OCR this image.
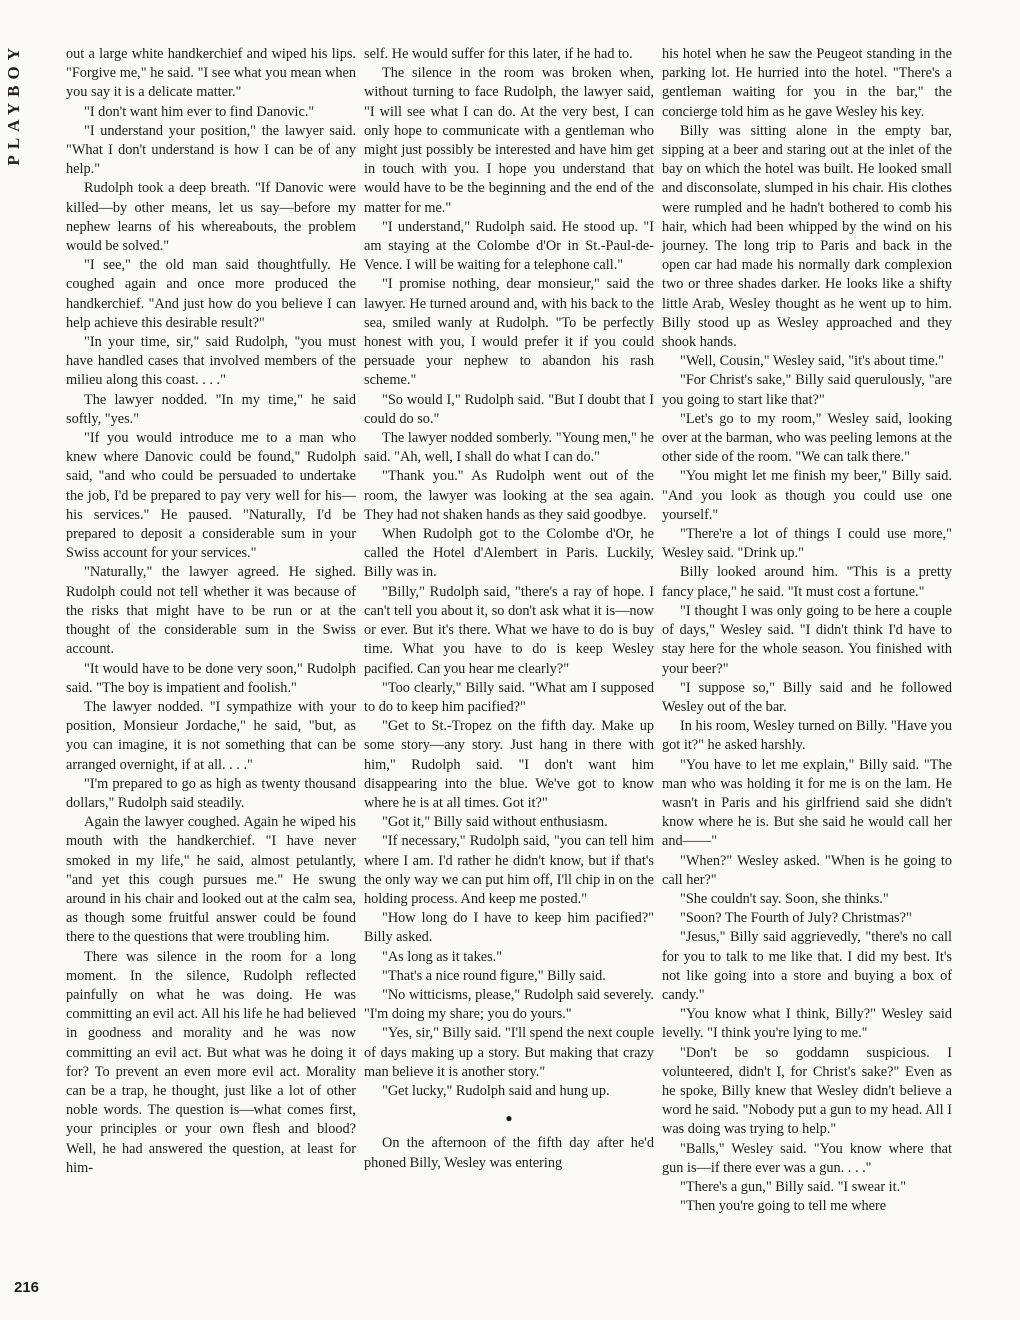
PLAYBOY	out a large white handkerchief and wiped his lips. "Forgive me," he said. "I see what you mean when you say it is a delicate matter."

"I don't want him ever to find Danovic."

"I understand your position," the lawyer said. "What I don't understand is how I can be of any help."

Rudolph took a deep breath. "If Danovic were killed—by other means, let us say—before my nephew learns of his whereabouts, the problem would be solved."

"I see," the old man said thoughtfully. He coughed again and once more produced the handkerchief. "And just how do you believe I can help achieve this desirable result?"

"In your time, sir," said Rudolph, "you must have handled cases that involved members of the milieu along this coast. . . ."

The lawyer nodded. "In my time," he said softly, "yes."

"If you would introduce me to a man who knew where Danovic could be found," Rudolph said, "and who could be persuaded to undertake the job, I'd be prepared to pay very well for his—his services." He paused. "Naturally, I'd be prepared to deposit a considerable sum in your Swiss account for your services."

"Naturally," the lawyer agreed. He sighed. Rudolph could not tell whether it was because of the risks that might have to be run or at the thought of the considerable sum in the Swiss account.

"It would have to be done very soon," Rudolph said. "The boy is impatient and foolish."

The lawyer nodded. "I sympathize with your position, Monsieur Jordache," he said, "but, as you can imagine, it is not something that can be arranged overnight, if at all. . . ."

"I'm prepared to go as high as twenty thousand dollars," Rudolph said steadily.

Again the lawyer coughed. Again he wiped his mouth with the handkerchief. "I have never smoked in my life," he said, almost petulantly, "and yet this cough pursues me." He swung around in his chair and looked out at the calm sea, as though some fruitful answer could be found there to the questions that were troubling him.

There was silence in the room for a long moment. In the silence, Rudolph reflected painfully on what he was doing. He was committing an evil act. All his life he had believed in goodness and morality and he was now committing an evil act. But what was he doing it for? To prevent an even more evil act. Morality can be a trap, he thought, just like a lot of other noble words. The question is—what comes first, your principles or your own flesh and blood? Well, he had answered the question, at least for him-

self. He would suffer for this later, if he had to.

The silence in the room was broken when, without turning to face Rudolph, the lawyer said, "I will see what I can do. At the very best, I can only hope to communicate with a gentleman who might just possibly be interested and have him get in touch with you. I hope you understand that would have to be the beginning and the end of the matter for me."

"I understand," Rudolph said. He stood up. "I am staying at the Colombe d'Or in St.-Paul-de-Vence. I will be waiting for a telephone call."

"I promise nothing, dear monsieur," said the lawyer. He turned around and, with his back to the sea, smiled wanly at Rudolph. "To be perfectly honest with you, I would prefer it if you could persuade your nephew to abandon his rash scheme."

"So would I," Rudolph said. "But I doubt that I could do so."

The lawyer nodded somberly. "Young men," he said. "Ah, well, I shall do what I can do."

"Thank you." As Rudolph went out of the room, the lawyer was looking at the sea again. They had not shaken hands as they said goodbye.

When Rudolph got to the Colombe d'Or, he called the Hotel d'Alembert in Paris. Luckily, Billy was in.

"Billy," Rudolph said, "there's a ray of hope. I can't tell you about it, so don't ask what it is—now or ever. But it's there. What we have to do is buy time. What you have to do is keep Wesley pacified. Can you hear me clearly?"

"Too clearly," Billy said. "What am I supposed to do to keep him pacified?"

"Get to St.-Tropez on the fifth day. Make up some story—any story. Just hang in there with him," Rudolph said. "I don't want him disappearing into the blue. We've got to know where he is at all times. Got it?"

"Got it," Billy said without enthusiasm.

"If necessary," Rudolph said, "you can tell him where I am. I'd rather he didn't know, but if that's the only way we can put him off, I'll chip in on the holding process. And keep me posted."

"How long do I have to keep him pacified?" Billy asked.

"As long as it takes."

"That's a nice round figure," Billy said.

"No witticisms, please," Rudolph said severely. "I'm doing my share; you do yours."

"Yes, sir," Billy said. "I'll spend the next couple of days making up a story. But making that crazy man believe it is another story."

"Get lucky," Rudolph said and hung up.

●

On the afternoon of the fifth day after he'd phoned Billy, Wesley was entering

his hotel when he saw the Peugeot standing in the parking lot. He hurried into the hotel. "There's a gentleman waiting for you in the bar," the concierge told him as he gave Wesley his key.

Billy was sitting alone in the empty bar, sipping at a beer and staring out at the inlet of the bay on which the hotel was built. He looked small and disconsolate, slumped in his chair. His clothes were rumpled and he hadn't bothered to comb his hair, which had been whipped by the wind on his journey. The long trip to Paris and back in the open car had made his normally dark complexion two or three shades darker. He looks like a shifty little Arab, Wesley thought as he went up to him. Billy stood up as Wesley approached and they shook hands.

"Well, Cousin," Wesley said, "it's about time."

"For Christ's sake," Billy said querulously, "are you going to start like that?"

"Let's go to my room," Wesley said, looking over at the barman, who was peeling lemons at the other side of the room. "We can talk there."

"You might let me finish my beer," Billy said. "And you look as though you could use one yourself."

"There're a lot of things I could use more," Wesley said. "Drink up."

Billy looked around him. "This is a pretty fancy place," he said. "It must cost a fortune."

"I thought I was only going to be here a couple of days," Wesley said. "I didn't think I'd have to stay here for the whole season. You finished with your beer?"

"I suppose so," Billy said and he followed Wesley out of the bar.

In his room, Wesley turned on Billy. "Have you got it?" he asked harshly.

"You have to let me explain," Billy said. "The man who was holding it for me is on the lam. He wasn't in Paris and his girlfriend said she didn't know where he is. But she said he would call her and——"

"When?" Wesley asked. "When is he going to call her?"

"She couldn't say. Soon, she thinks."

"Soon? The Fourth of July? Christmas?"

"Jesus," Billy said aggrievedly, "there's no call for you to talk to me like that. I did my best. It's not like going into a store and buying a box of candy."

"You know what I think, Billy?" Wesley said levelly. "I think you're lying to me."

"Don't be so goddamn suspicious. I volunteered, didn't I, for Christ's sake?" Even as he spoke, Billy knew that Wesley didn't believe a word he said. "Nobody put a gun to my head. All I was doing was trying to help."

"Balls," Wesley said. "You know where that gun is—if there ever was a gun. . . ."

"There's a gun," Billy said. "I swear it."

"Then you're going to tell me where

216
